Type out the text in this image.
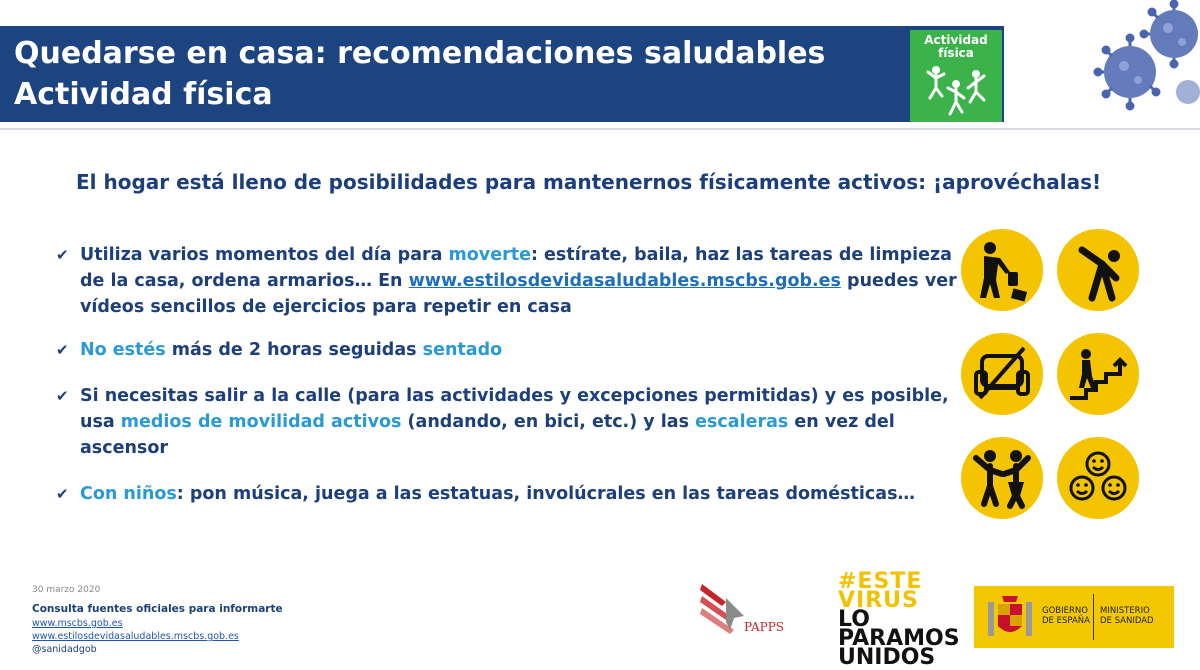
Quedarse en casa: recomendaciones saludables
Actividad física
Actividad
física
El hogar está lleno de posibilidades para mantenernos físicamente activos: ¡aprovéchalas!
✔ Utiliza varios momentos del día para moverte: estírate, baila, haz las tareas de limpieza de la casa, ordena armarios… En www.estilosdevidasaludables.mscbs.gob.es puedes ver vídeos sencillos de ejercicios para repetir en casa
✔ No estés más de 2 horas seguidas sentado
✔ Si necesitas salir a la calle (para las actividades y excepciones permitidas) y es posible, usa medios de movilidad activos (andando, en bici, etc.) y las escaleras en vez del ascensor
✔ Con niños: pon música, juega a las estatuas, involúcrales en las tareas domésticas…
30 marzo 2020
Consulta fuentes oficiales para informarte
www.mscbs.gob.es
www.estilosdevidasaludables.mscbs.gob.es
@sanidadgob
PAPPS
#ESTE
VIRUS
LO
PARAMOS
UNIDOS
GOBIERNO
DE ESPAÑA
MINISTERIO
DE SANIDAD
